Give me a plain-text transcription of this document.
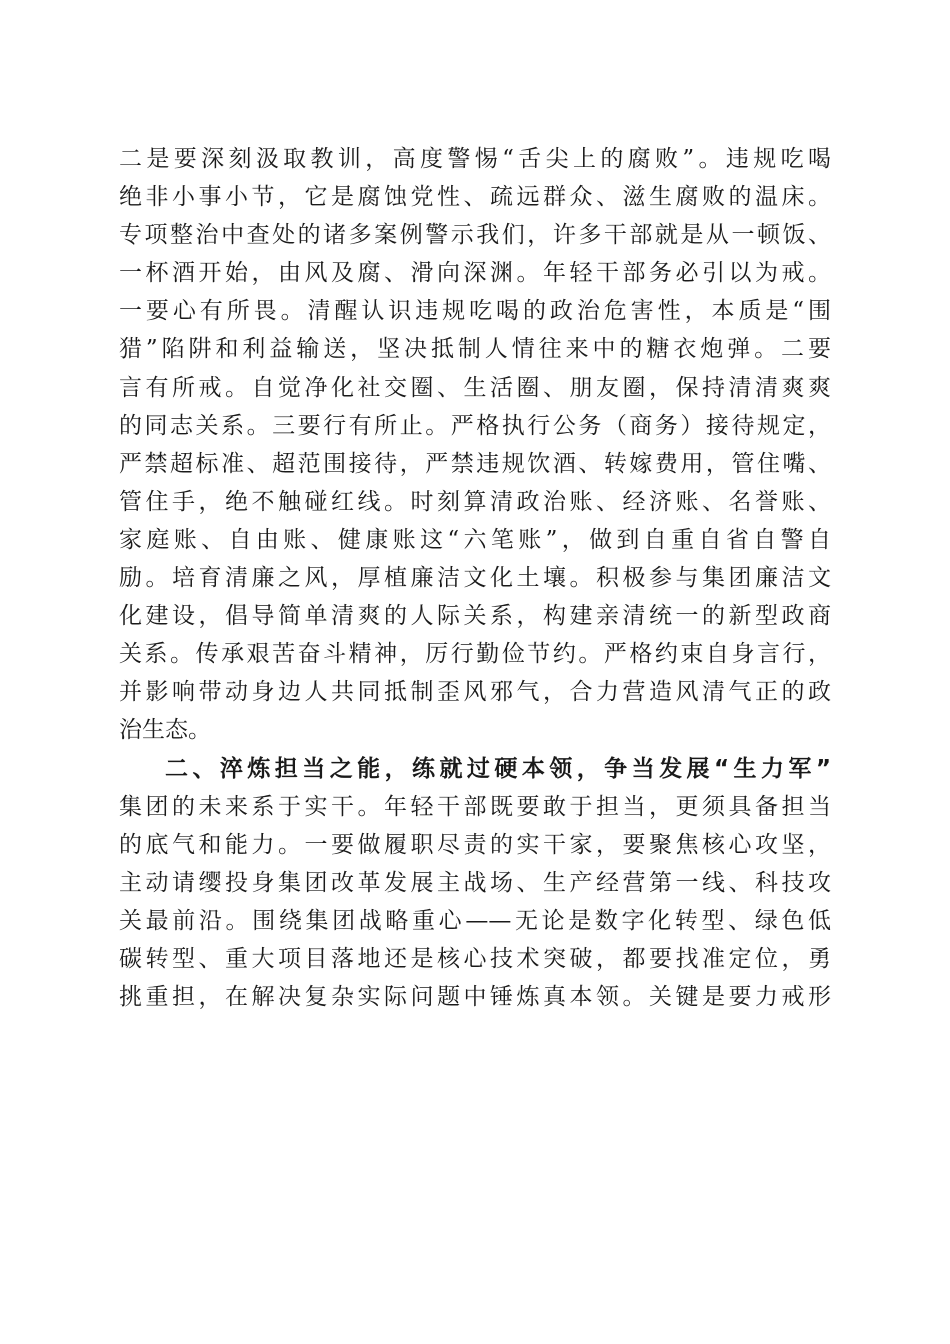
二是要深刻汲取教训，高度警惕“舌尖上的腐败”。违规吃喝
绝非小事小节，它是腐蚀党性、疏远群众、滋生腐败的温床。
专项整治中查处的诸多案例警示我们，许多干部就是从一顿饭、
一杯酒开始，由风及腐、滑向深渊。年轻干部务必引以为戒。
一要心有所畏。清醒认识违规吃喝的政治危害性，本质是“围
猎”陷阱和利益输送，坚决抵制人情往来中的糖衣炮弹。二要
言有所戒。自觉净化社交圈、生活圈、朋友圈，保持清清爽爽
的同志关系。三要行有所止。严格执行公务（商务）接待规定，
严禁超标准、超范围接待，严禁违规饮酒、转嫁费用，管住嘴、
管住手，绝不触碰红线。时刻算清政治账、经济账、名誉账、
家庭账、自由账、健康账这“六笔账”，做到自重自省自警自
励。培育清廉之风，厚植廉洁文化土壤。积极参与集团廉洁文
化建设，倡导简单清爽的人际关系，构建亲清统一的新型政商
关系。传承艰苦奋斗精神，厉行勤俭节约。严格约束自身言行，
并影响带动身边人共同抵制歪风邪气，合力营造风清气正的政
治生态。
二、淬炼担当之能，练就过硬本领，争当发展“生力军”
集团的未来系于实干。年轻干部既要敢于担当，更须具备担当
的底气和能力。一要做履职尽责的实干家，要聚焦核心攻坚，
主动请缨投身集团改革发展主战场、生产经营第一线、科技攻
关最前沿。围绕集团战略重心——无论是数字化转型、绿色低
碳转型、重大项目落地还是核心技术突破，都要找准定位，勇
挑重担，在解决复杂实际问题中锤炼真本领。关键是要力戒形
